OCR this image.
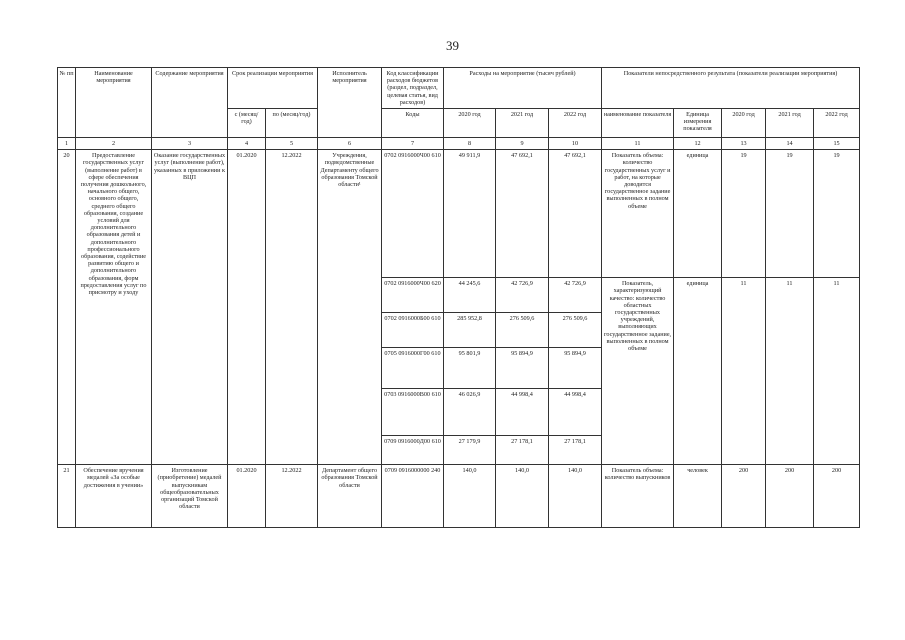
39
№ пп	Наименование мероприятия	Содержание мероприятия	Срок реализации мероприятия		Исполнитель мероприятия	Код классификации расходов бюджетов (раздел, подраздел, целевая статья, вид расходов)	Расходы на мероприятие (тысяч рублей)			Показатели непосредственного результата (показатели реализации мероприятия)				
			с (месяц/ год)	по (месяц/год)		Коды	2020 год	2021 год	2022 год	наименование показателя	Единица измерения показателя	2020 год	2021 год	2022 год
1	2	3	4	5	6	7	8	9	10	11	12	13	14	15
20	Предоставление государственных услуг (выполнение работ) в сфере обеспечения получения дошкольного, начального общего, основного общего, среднего общего образования, создание условий для дополнительного образования детей и дополнительного профессионального образования, содействие развитию общего и дополнительного образования, форм предоставления услуг по присмотру и уходу	Оказание государственных услуг (выполнение работ), указанных в приложении к ВЦП	01.2020	12.2022	Учреждения, подведомственные Департаменту общего образования Томской области¹	0702 0916000Ч00 610	49 911,9	47 692,1	47 692,1	Показатель объема: количество государственных услуг и работ, на которые доводится государственное задание выполненных в полном объеме	единица	19	19	19
						0702 0916000Ч00 620	44 245,6	42 726,9	42 726,9	Показатель, характеризующий качество: количество областных государственных учреждений, выполняющих государственное задание, выполненных в полном объеме	единица	11	11	11
						0702 0916000Б00 610	285 952,8	276 509,6	276 509,6					
						0705 0916000Г00 610	95 801,9	95 894,9	95 894,9					
						0703 0916000В00 610	46 026,9	44 998,4	44 998,4					
						0709 0916000Д00 610	27 179,9	27 178,1	27 178,1					
21	Обеспечение вручения медалей «За особые достижения в учении»	Изготовление (приобретение) медалей выпускникам общеобразовательных организаций Томской области	01.2020	12.2022	Департамент общего образования Томской области	0709 0916000000 240	140,0	140,0	140,0	Показатель объема: количество выпускников	человек	200	200	200
